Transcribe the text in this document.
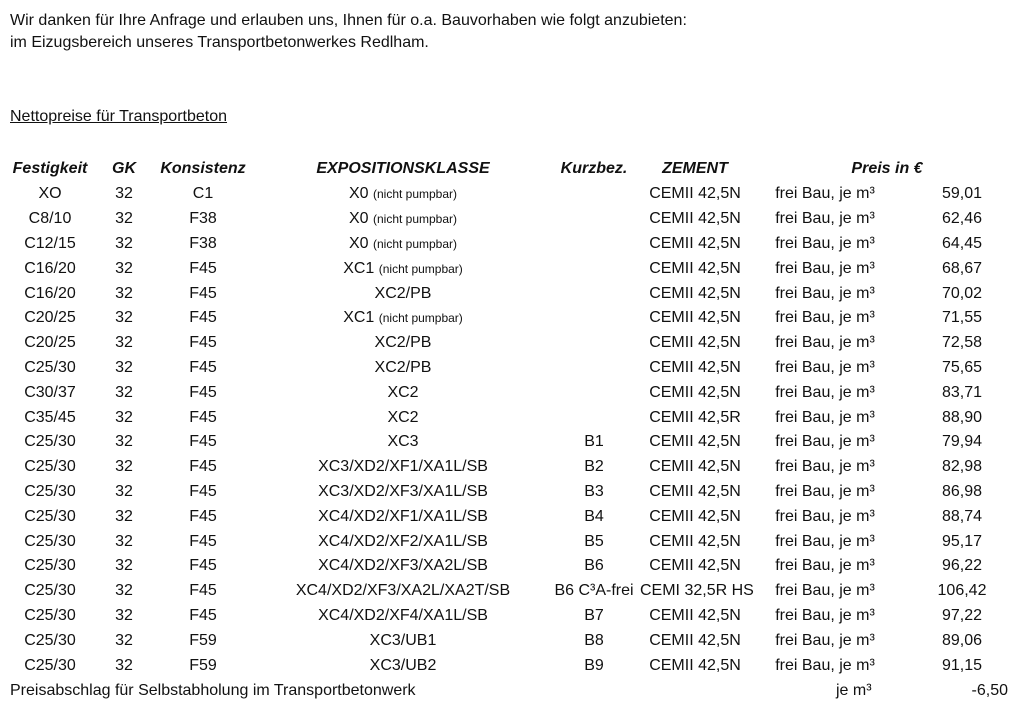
Wir danken für Ihre Anfrage und erlauben uns, Ihnen für o.a. Bauvorhaben wie folgt anzubieten:
im Eizugsbereich unseres Transportbetonwerkes Redlham.
Nettopreise für Transportbeton
Festigkeit	GK	Konsistenz	EXPOSITIONSKLASSE	Kurzbez.	ZEMENT	Preis in €	
XO	32	C1	X0 (nicht pumpbar)		CEMII 42,5N	frei Bau, je m³	59,01
C8/10	32	F38	X0 (nicht pumpbar)		CEMII 42,5N	frei Bau, je m³	62,46
C12/15	32	F38	X0 (nicht pumpbar)		CEMII 42,5N	frei Bau, je m³	64,45
C16/20	32	F45	XC1 (nicht pumpbar)		CEMII 42,5N	frei Bau, je m³	68,67
C16/20	32	F45	XC2/PB		CEMII 42,5N	frei Bau, je m³	70,02
C20/25	32	F45	XC1 (nicht pumpbar)		CEMII 42,5N	frei Bau, je m³	71,55
C20/25	32	F45	XC2/PB		CEMII 42,5N	frei Bau, je m³	72,58
C25/30	32	F45	XC2/PB		CEMII 42,5N	frei Bau, je m³	75,65
C30/37	32	F45	XC2		CEMII 42,5N	frei Bau, je m³	83,71
C35/45	32	F45	XC2		CEMII 42,5R	frei Bau, je m³	88,90
C25/30	32	F45	XC3	B1	CEMII 42,5N	frei Bau, je m³	79,94
C25/30	32	F45	XC3/XD2/XF1/XA1L/SB	B2	CEMII 42,5N	frei Bau, je m³	82,98
C25/30	32	F45	XC3/XD2/XF3/XA1L/SB	B3	CEMII 42,5N	frei Bau, je m³	86,98
C25/30	32	F45	XC4/XD2/XF1/XA1L/SB	B4	CEMII 42,5N	frei Bau, je m³	88,74
C25/30	32	F45	XC4/XD2/XF2/XA1L/SB	B5	CEMII 42,5N	frei Bau, je m³	95,17
C25/30	32	F45	XC4/XD2/XF3/XA2L/SB	B6	CEMII 42,5N	frei Bau, je m³	96,22
C25/30	32	F45	XC4/XD2/XF3/XA2L/XA2T/SB	B6 C³A-frei	CEMI 32,5R HS	frei Bau, je m³	106,42
C25/30	32	F45	XC4/XD2/XF4/XA1L/SB	B7	CEMII 42,5N	frei Bau, je m³	97,22
C25/30	32	F59	XC3/UB1	B8	CEMII 42,5N	frei Bau, je m³	89,06
C25/30	32	F59	XC3/UB2	B9	CEMII 42,5N	frei Bau, je m³	91,15
Preisabschlag für Selbstabholung im Transportbetonwerk	je m³	-6,50
